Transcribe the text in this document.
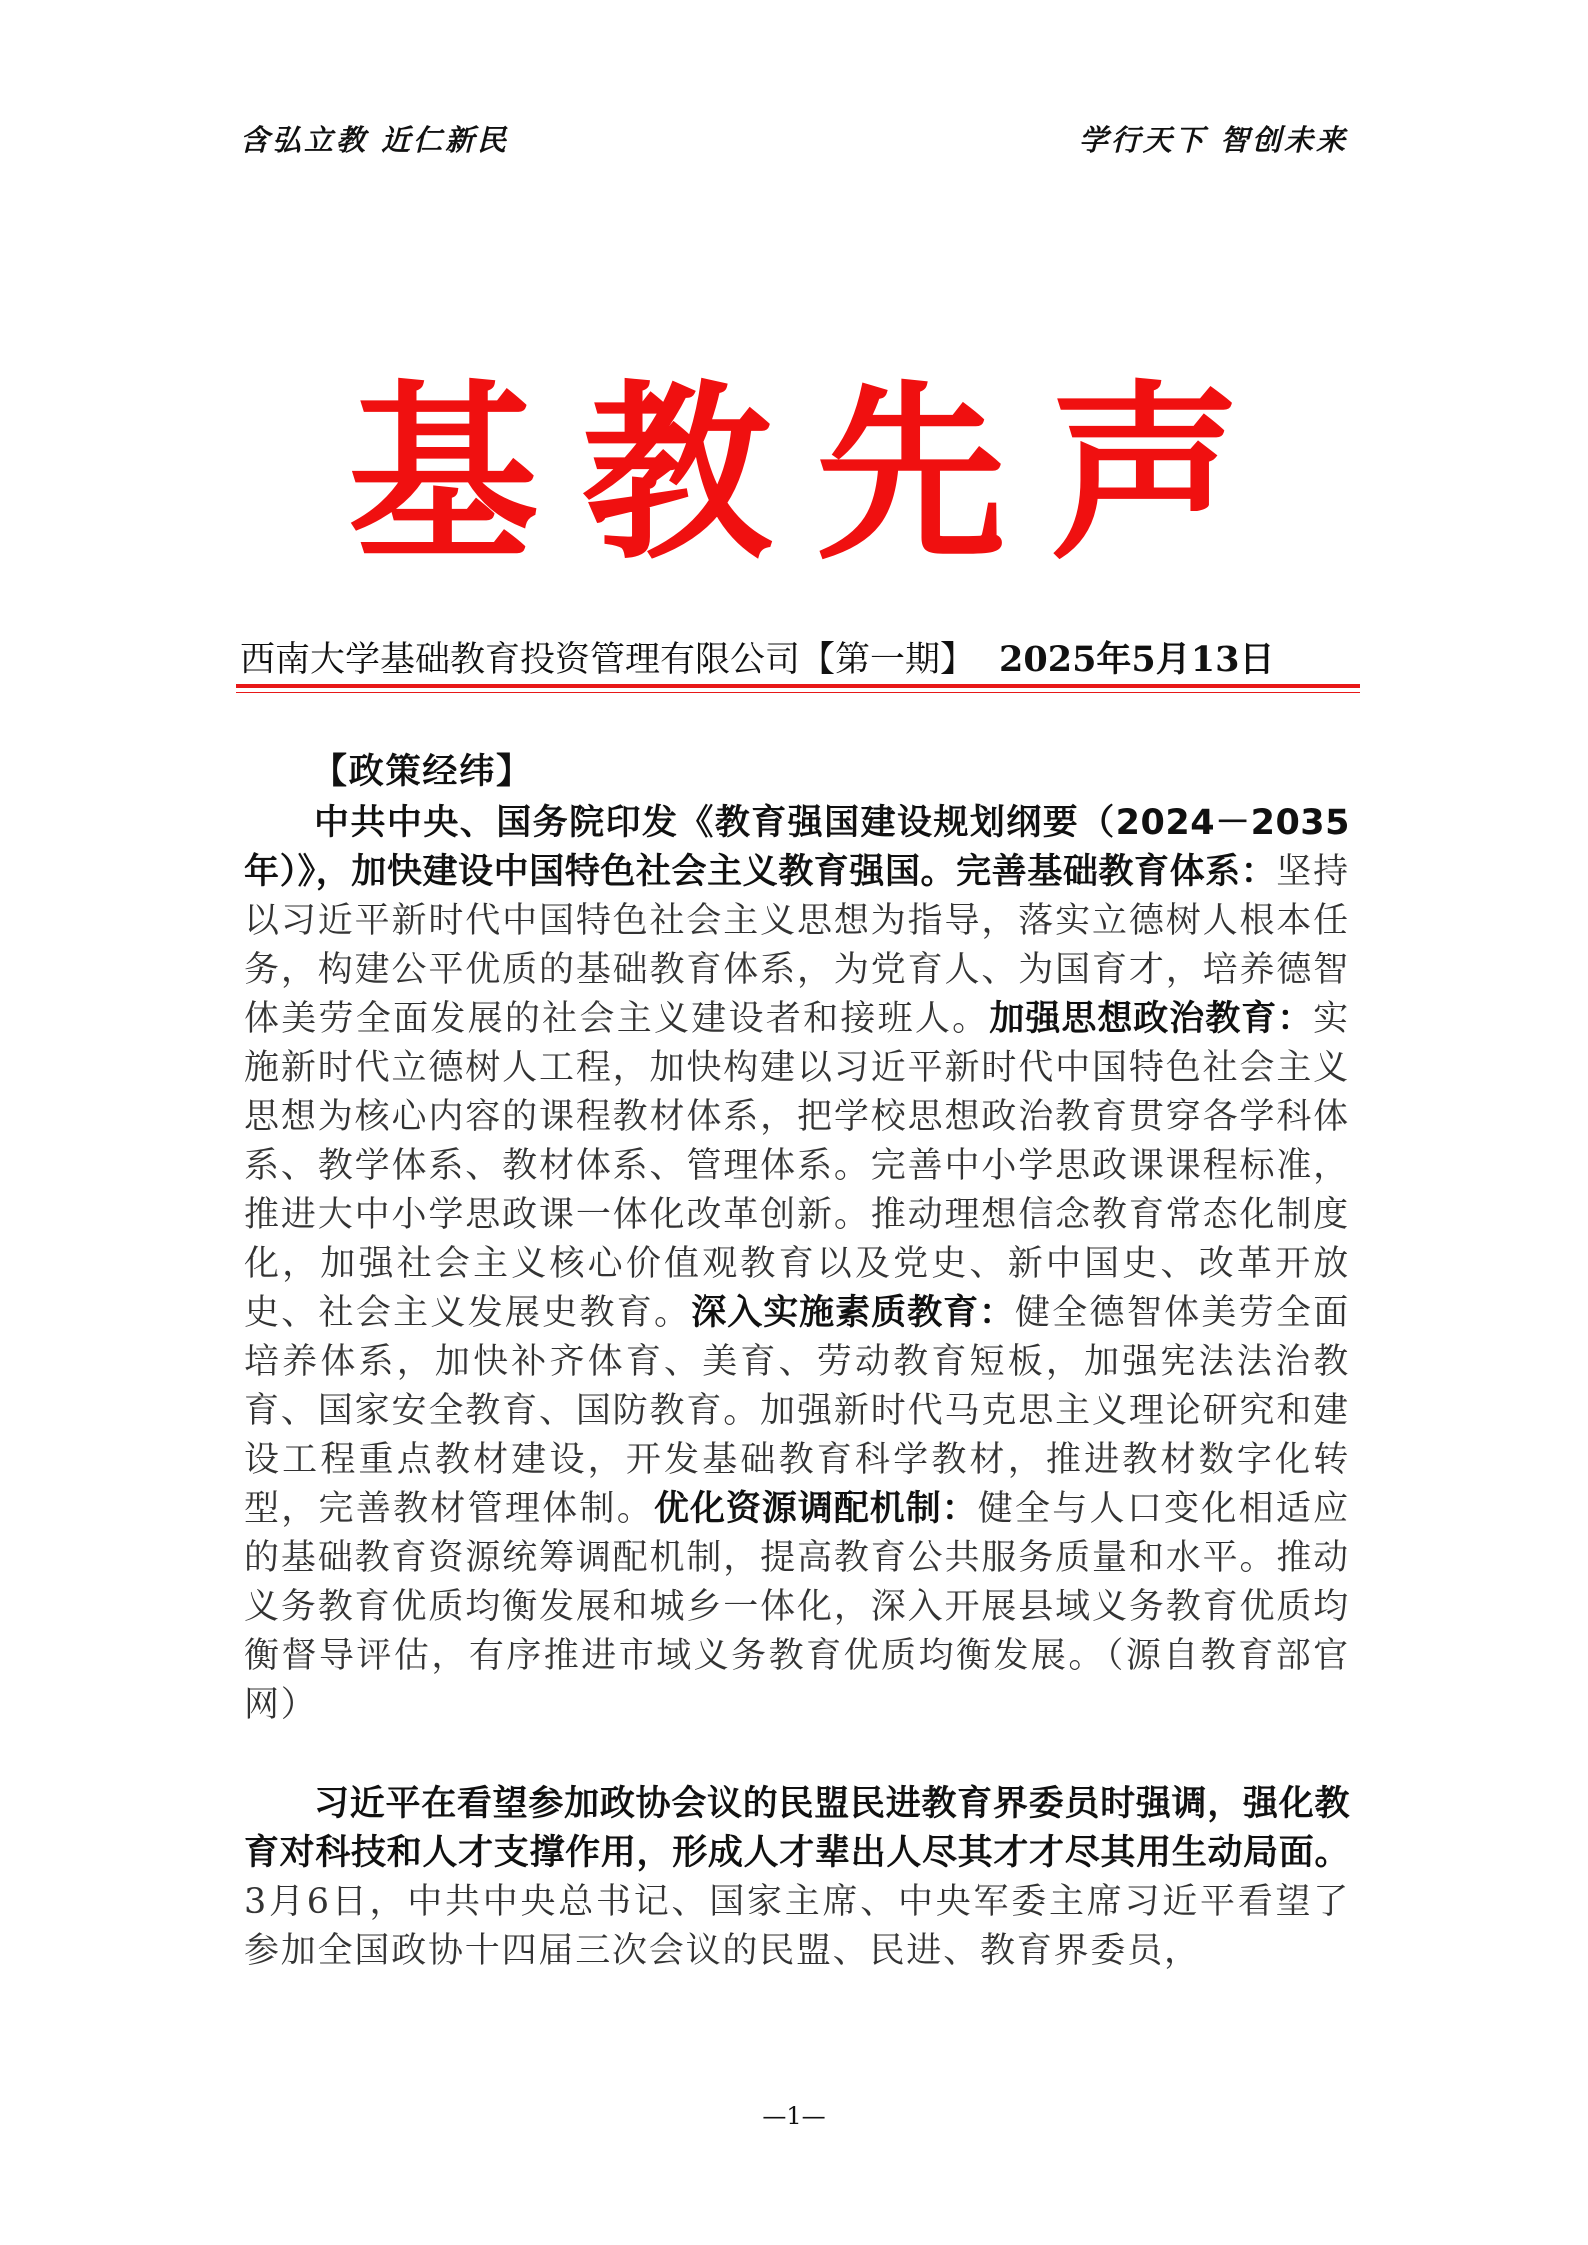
含弘立教 近仁新民	学行天下 智创未来
基教先声
西南大学基础教育投资管理有限公司【第一期】 2025年5月13日
【政策经纬】

中共中央、国务院印发《教育强国建设规划纲要（2024－2035年）》，加快建设中国特色社会主义教育强国。完善基础教育体系：坚持以习近平新时代中国特色社会主义思想为指导，落实立德树人根本任务，构建公平优质的基础教育体系，为党育人、为国育才，培养德智体美劳全面发展的社会主义建设者和接班人。加强思想政治教育：实施新时代立德树人工程，加快构建以习近平新时代中国特色社会主义思想为核心内容的课程教材体系，把学校思想政治教育贯穿各学科体系、教学体系、教材体系、管理体系。完善中小学思政课课程标准，推进大中小学思政课一体化改革创新。推动理想信念教育常态化制度化，加强社会主义核心价值观教育以及党史、新中国史、改革开放史、社会主义发展史教育。深入实施素质教育：健全德智体美劳全面培养体系，加快补齐体育、美育、劳动教育短板，加强宪法法治教育、国家安全教育、国防教育。加强新时代马克思主义理论研究和建设工程重点教材建设，开发基础教育科学教材，推进教材数字化转型，完善教材管理体制。优化资源调配机制：健全与人口变化相适应的基础教育资源统筹调配机制，提高教育公共服务质量和水平。推动义务教育优质均衡发展和城乡一体化，深入开展县域义务教育优质均衡督导评估，有序推进市域义务教育优质均衡发展。（源自教育部官网）

习近平在看望参加政协会议的民盟民进教育界委员时强调，强化教育对科技和人才支撑作用，形成人才辈出人尽其才才尽其用生动局面。3月6日，中共中央总书记、国家主席、中央军委主席习近平看望了参加全国政协十四届三次会议的民盟、民进、教育界委员，

—1—
